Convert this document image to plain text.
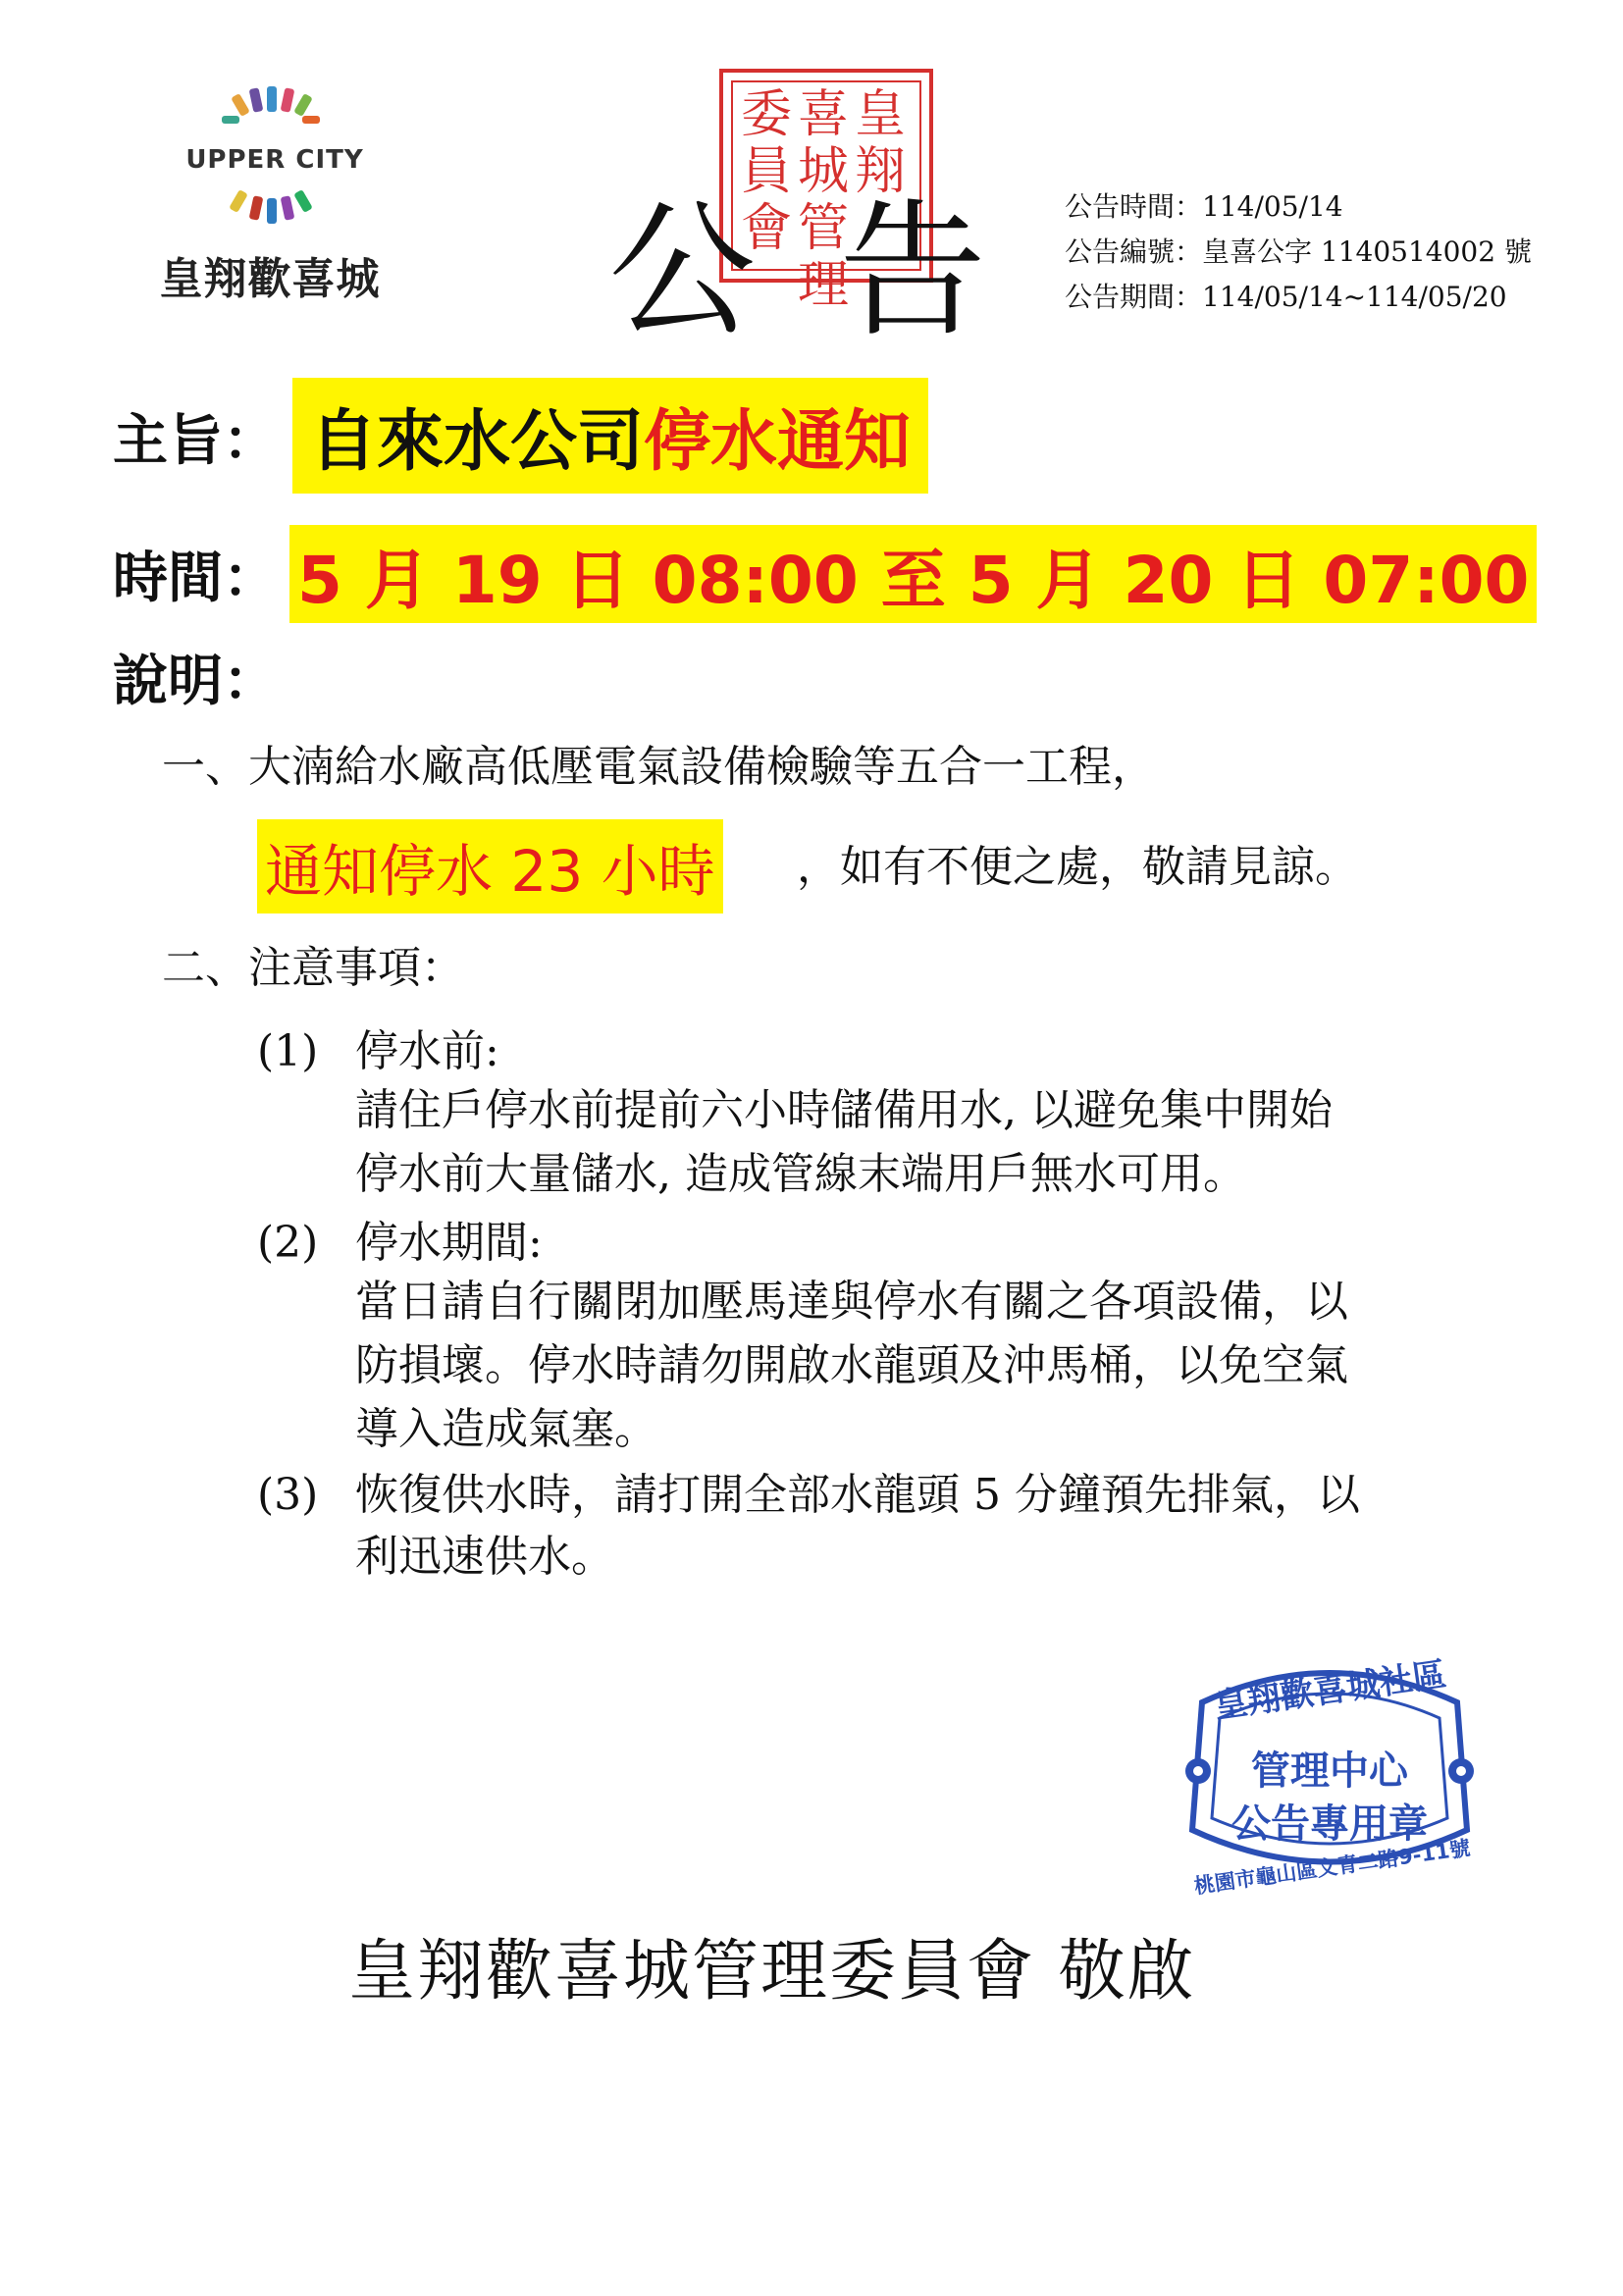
UPPER CITY
皇翔歡喜城
皇翔
喜城管理
委員會
公 告	公告時間：114/05/14
公告編號：皇喜公字 1140514002 號
公告期間：114/05/14~114/05/20
主旨： 自來水公司 停水通知
時間： 5 月 19 日 08:00 至 5 月 20 日 07:00
說明：
一、大湳給水廠高低壓電氣設備檢驗等五合一工程，
通知停水 23 小時 ，如有不便之處，敬請見諒。
二、注意事項：
(1) 停水前:
請住戶停水前提前六小時儲備用水, 以避免集中開始
停水前大量儲水, 造成管線末端用戶無水可用。
(2) 停水期間:
當日請自行關閉加壓馬達與停水有關之各項設備，以
防損壞。停水時請勿開啟水龍頭及沖馬桶，以免空氣
導入造成氣塞。
(3) 恢復供水時，請打開全部水龍頭 5 分鐘預先排氣，以
利迅速供水。
皇翔歡喜城社區
管理中心
公告專用章
桃園市龜山區文青二路9-11號
皇翔歡喜城管理委員會 敬啟
